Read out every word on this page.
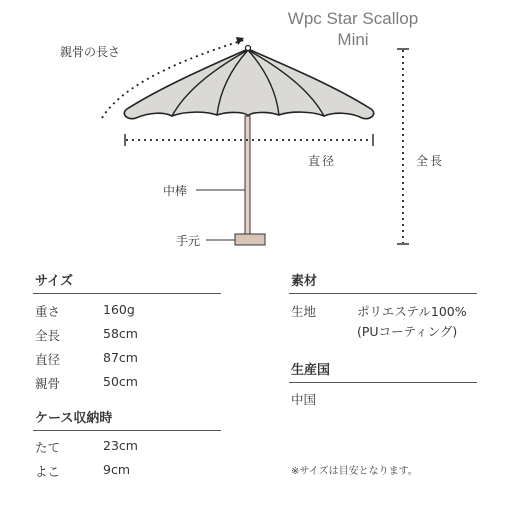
Wpc Star Scallop
Mini
親骨の長さ
直径	全長
中棒
手元
サイズ
重さ	160g
全長	58cm
直径	87cm
親骨	50cm
ケース収納時
たて	23cm
よこ	9cm
素材
生地	ポリエステル100%
(PUコーティング)
生産国
中国
※サイズは目安となります。
